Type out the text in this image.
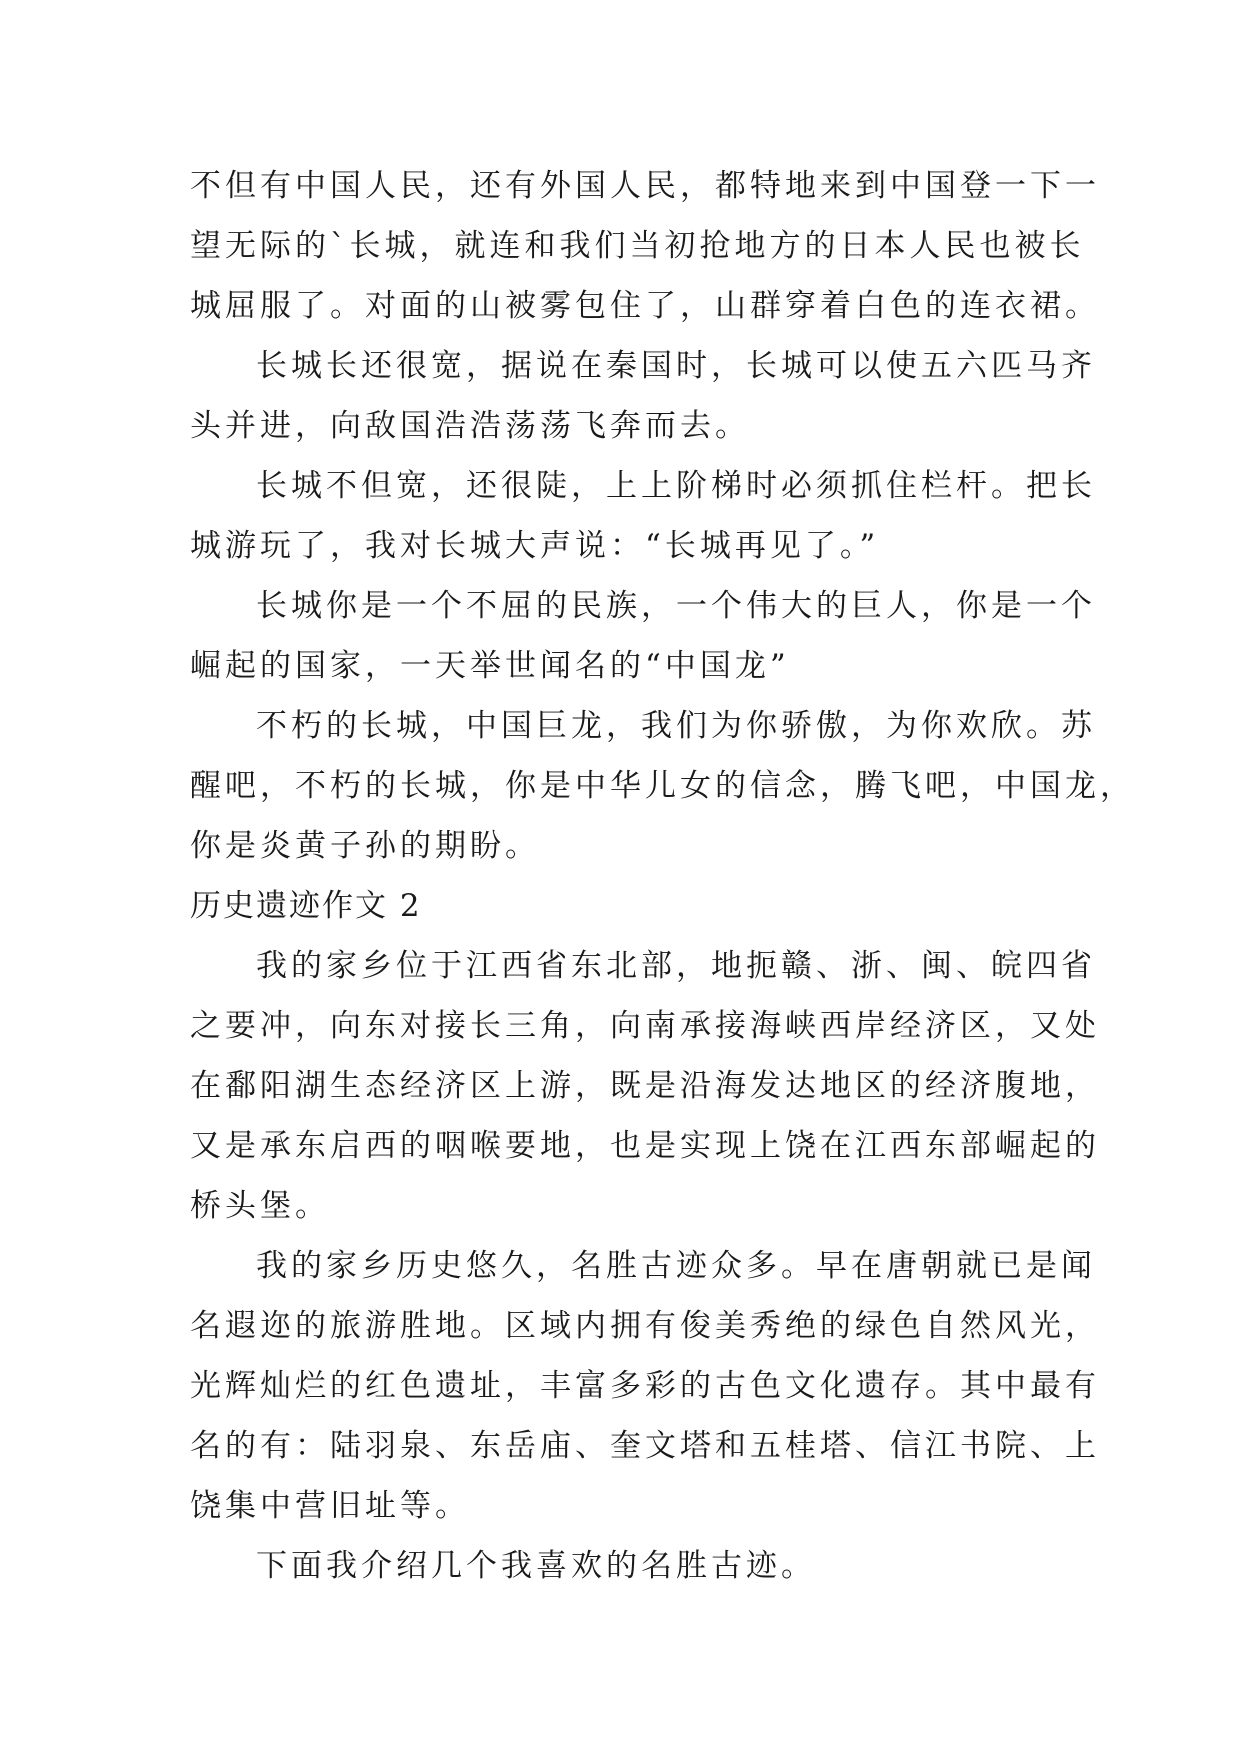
不但有中国人民，还有外国人民，都特地来到中国登一下一
望无际的`长城，就连和我们当初抢地方的日本人民也被长
城屈服了。对面的山被雾包住了，山群穿着白色的连衣裙。
长城长还很宽，据说在秦国时，长城可以使五六匹马齐
头并进，向敌国浩浩荡荡飞奔而去。
长城不但宽，还很陡，上上阶梯时必须抓住栏杆。把长
城游玩了，我对长城大声说：“长城再见了。”
长城你是一个不屈的民族，一个伟大的巨人，你是一个
崛起的国家，一天举世闻名的“中国龙”
不朽的长城，中国巨龙，我们为你骄傲，为你欢欣。苏
醒吧，不朽的长城，你是中华儿女的信念，腾飞吧，中国龙，
你是炎黄子孙的期盼。
历史遗迹作文 2
我的家乡位于江西省东北部，地扼赣、浙、闽、皖四省
之要冲，向东对接长三角，向南承接海峡西岸经济区，又处
在鄱阳湖生态经济区上游，既是沿海发达地区的经济腹地，
又是承东启西的咽喉要地，也是实现上饶在江西东部崛起的
桥头堡。
我的家乡历史悠久，名胜古迹众多。早在唐朝就已是闻
名遐迩的旅游胜地。区域内拥有俊美秀绝的绿色自然风光，
光辉灿烂的红色遗址，丰富多彩的古色文化遗存。其中最有
名的有：陆羽泉、东岳庙、奎文塔和五桂塔、信江书院、上
饶集中营旧址等。
下面我介绍几个我喜欢的名胜古迹。
